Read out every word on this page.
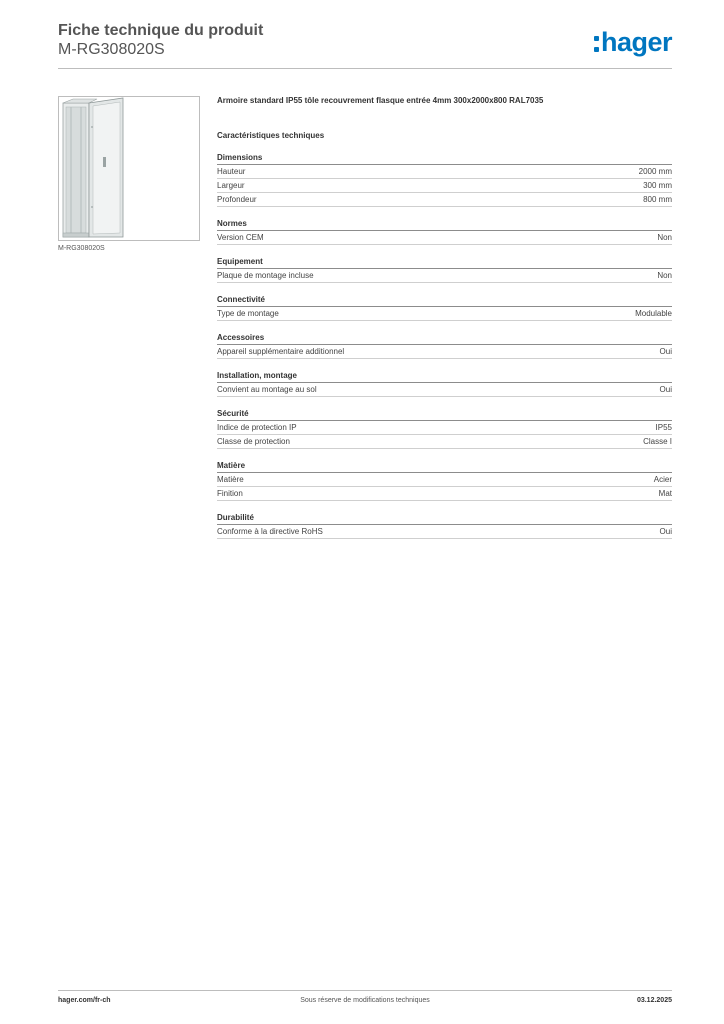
Fiche technique du produit
M-RG308020S	hager
M-RG308020S
Armoire standard IP55 tôle recouvrement flasque entrée 4mm 300x2000x800 RAL7035
Caractéristiques techniques
Dimensions
Hauteur	2000 mm
Largeur	300 mm
Profondeur	800 mm
Normes
Version CEM	Non
Equipement
Plaque de montage incluse	Non
Connectivité
Type de montage	Modulable
Accessoires
Appareil supplémentaire additionnel	Oui
Installation, montage
Convient au montage au sol	Oui
Sécurité
Indice de protection IP	IP55
Classe de protection	Classe I
Matière
Matière	Acier
Finition	Mat
Durabilité
Conforme à la directive RoHS	Oui
hager.com/fr-ch	Sous réserve de modifications techniques	03.12.2025
